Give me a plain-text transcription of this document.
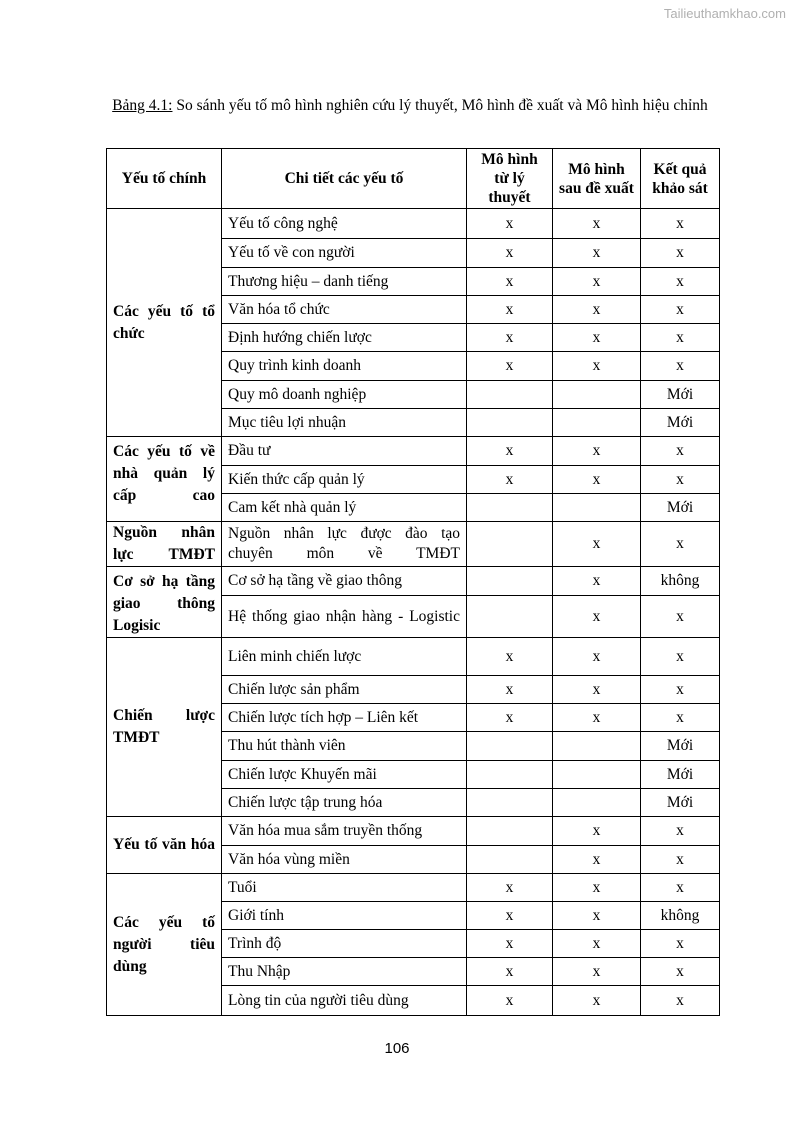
Tailieuthamkhao.com
Bảng 4.1: So sánh yếu tố mô hình nghiên cứu lý thuyết, Mô hình đề xuất và Mô hình hiệu chỉnh
Yếu tố chính	Chi tiết các yếu tố	Mô hình từ lý thuyết	Mô hình sau đề xuất	Kết quả khảo sát
Các yếu tố tổ chức	Yếu tố công nghệ	x	x	x
	Yếu tố về con người	x	x	x
	Thương hiệu – danh tiếng	x	x	x
	Văn hóa tổ chức	x	x	x
	Định hướng chiến lược	x	x	x
	Quy trình kinh doanh	x	x	x
	Quy mô doanh nghiệp			Mới
	Mục tiêu lợi nhuận			Mới
Các yếu tố về nhà quản lý cấp cao	Đầu tư	x	x	x
	Kiến thức cấp quản lý	x	x	x
	Cam kết nhà quản lý			Mới
Nguồn nhân lực TMĐT	Nguồn nhân lực được đào tạo chuyên môn về TMĐT		x	x
Cơ sở hạ tầng giao thông Logisic	Cơ sở hạ tầng về giao thông		x	không
	Hệ thống giao nhận hàng - Logistic		x	x
Chiến lược TMĐT	Liên minh chiến lược	x	x	x
	Chiến lược sản phẩm	x	x	x
	Chiến lược tích hợp – Liên kết	x	x	x
	Thu hút thành viên			Mới
	Chiến lược Khuyến mãi			Mới
	Chiến lược tập trung hóa			Mới
Yếu tố văn hóa	Văn hóa mua sắm truyền thống		x	x
	Văn hóa vùng miền		x	x
Các yếu tố người tiêu dùng	Tuổi	x	x	x
	Giới tính	x	x	không
	Trình độ	x	x	x
	Thu Nhập	x	x	x
	Lòng tin của người tiêu dùng	x	x	x
106
